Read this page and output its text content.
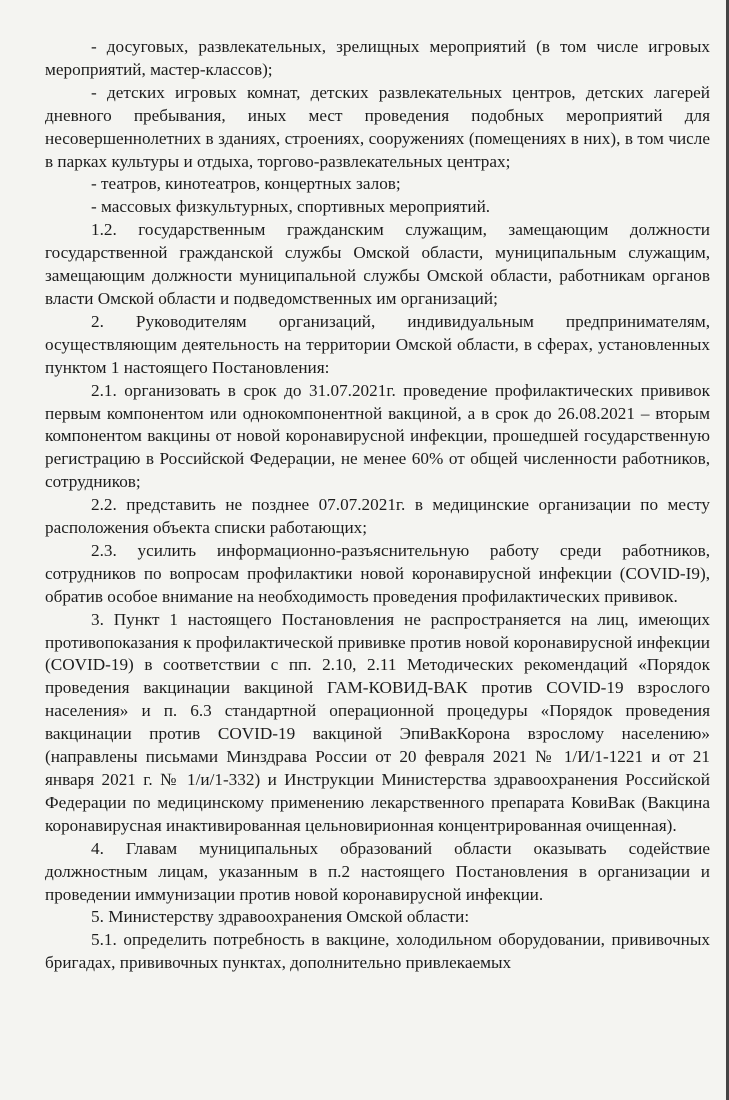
- досуговых, развлекательных, зрелищных мероприятий (в том числе игровых мероприятий, мастер-классов);

- детских игровых комнат, детских развлекательных центров, детских лагерей дневного пребывания, иных мест проведения подобных мероприятий для несовершеннолетних в зданиях, строениях, сооружениях (помещениях в них), в том числе в парках культуры и отдыха, торгово-развлекательных центрах;

- театров, кинотеатров, концертных залов;

- массовых физкультурных, спортивных мероприятий.

1.2. государственным гражданским служащим, замещающим должности государственной гражданской службы Омской области, муниципальным служащим, замещающим должности муниципальной службы Омской области, работникам органов власти Омской области и подведомственных им организаций;

2. Руководителям организаций, индивидуальным предпринимателям, осуществляющим деятельность на территории Омской области, в сферах, установленных пунктом 1 настоящего Постановления:

2.1. организовать в срок до 31.07.2021г. проведение профилактических прививок первым компонентом или однокомпонентной вакциной, а в срок до 26.08.2021 – вторым компонентом вакцины от новой коронавирусной инфекции, прошедшей государственную регистрацию в Российской Федерации, не менее 60% от общей численности работников, сотрудников;

2.2. представить не позднее 07.07.2021г. в медицинские организации по месту расположения объекта списки работающих;

2.3. усилить информационно-разъяснительную работу среди работников, сотрудников по вопросам профилактики новой коронавирусной инфекции (COVID-I9), обратив особое внимание на необходимость проведения профилактических прививок.

3. Пункт 1 настоящего Постановления не распространяется на лиц, имеющих противопоказания к профилактической прививке против новой коронавирусной инфекции (COVID-19) в соответствии с пп. 2.10, 2.11 Методических рекомендаций «Порядок проведения вакцинации вакциной ГАМ-КОВИД-ВАК против COVID-19 взрослого населения» и п. 6.3 стандартной операционной процедуры «Порядок проведения вакцинации против COVID-19 вакциной ЭпиВакКорона взрослому населению» (направлены письмами Минздрава России от 20 февраля 2021 № 1/И/1-1221 и от 21 января 2021 г. № 1/и/1-332) и Инструкции Министерства здравоохранения Российской Федерации по медицинскому применению лекарственного препарата КовиВак (Вакцина коронавирусная инактивированная цельновирионная концентрированная очищенная).

4. Главам муниципальных образований области оказывать содействие должностным лицам, указанным в п.2 настоящего Постановления в организации и проведении иммунизации против новой коронавирусной инфекции.

5. Министерству здравоохранения Омской области:

5.1. определить потребность в вакцине, холодильном оборудовании, прививочных бригадах, прививочных пунктах, дополнительно привлекаемых
